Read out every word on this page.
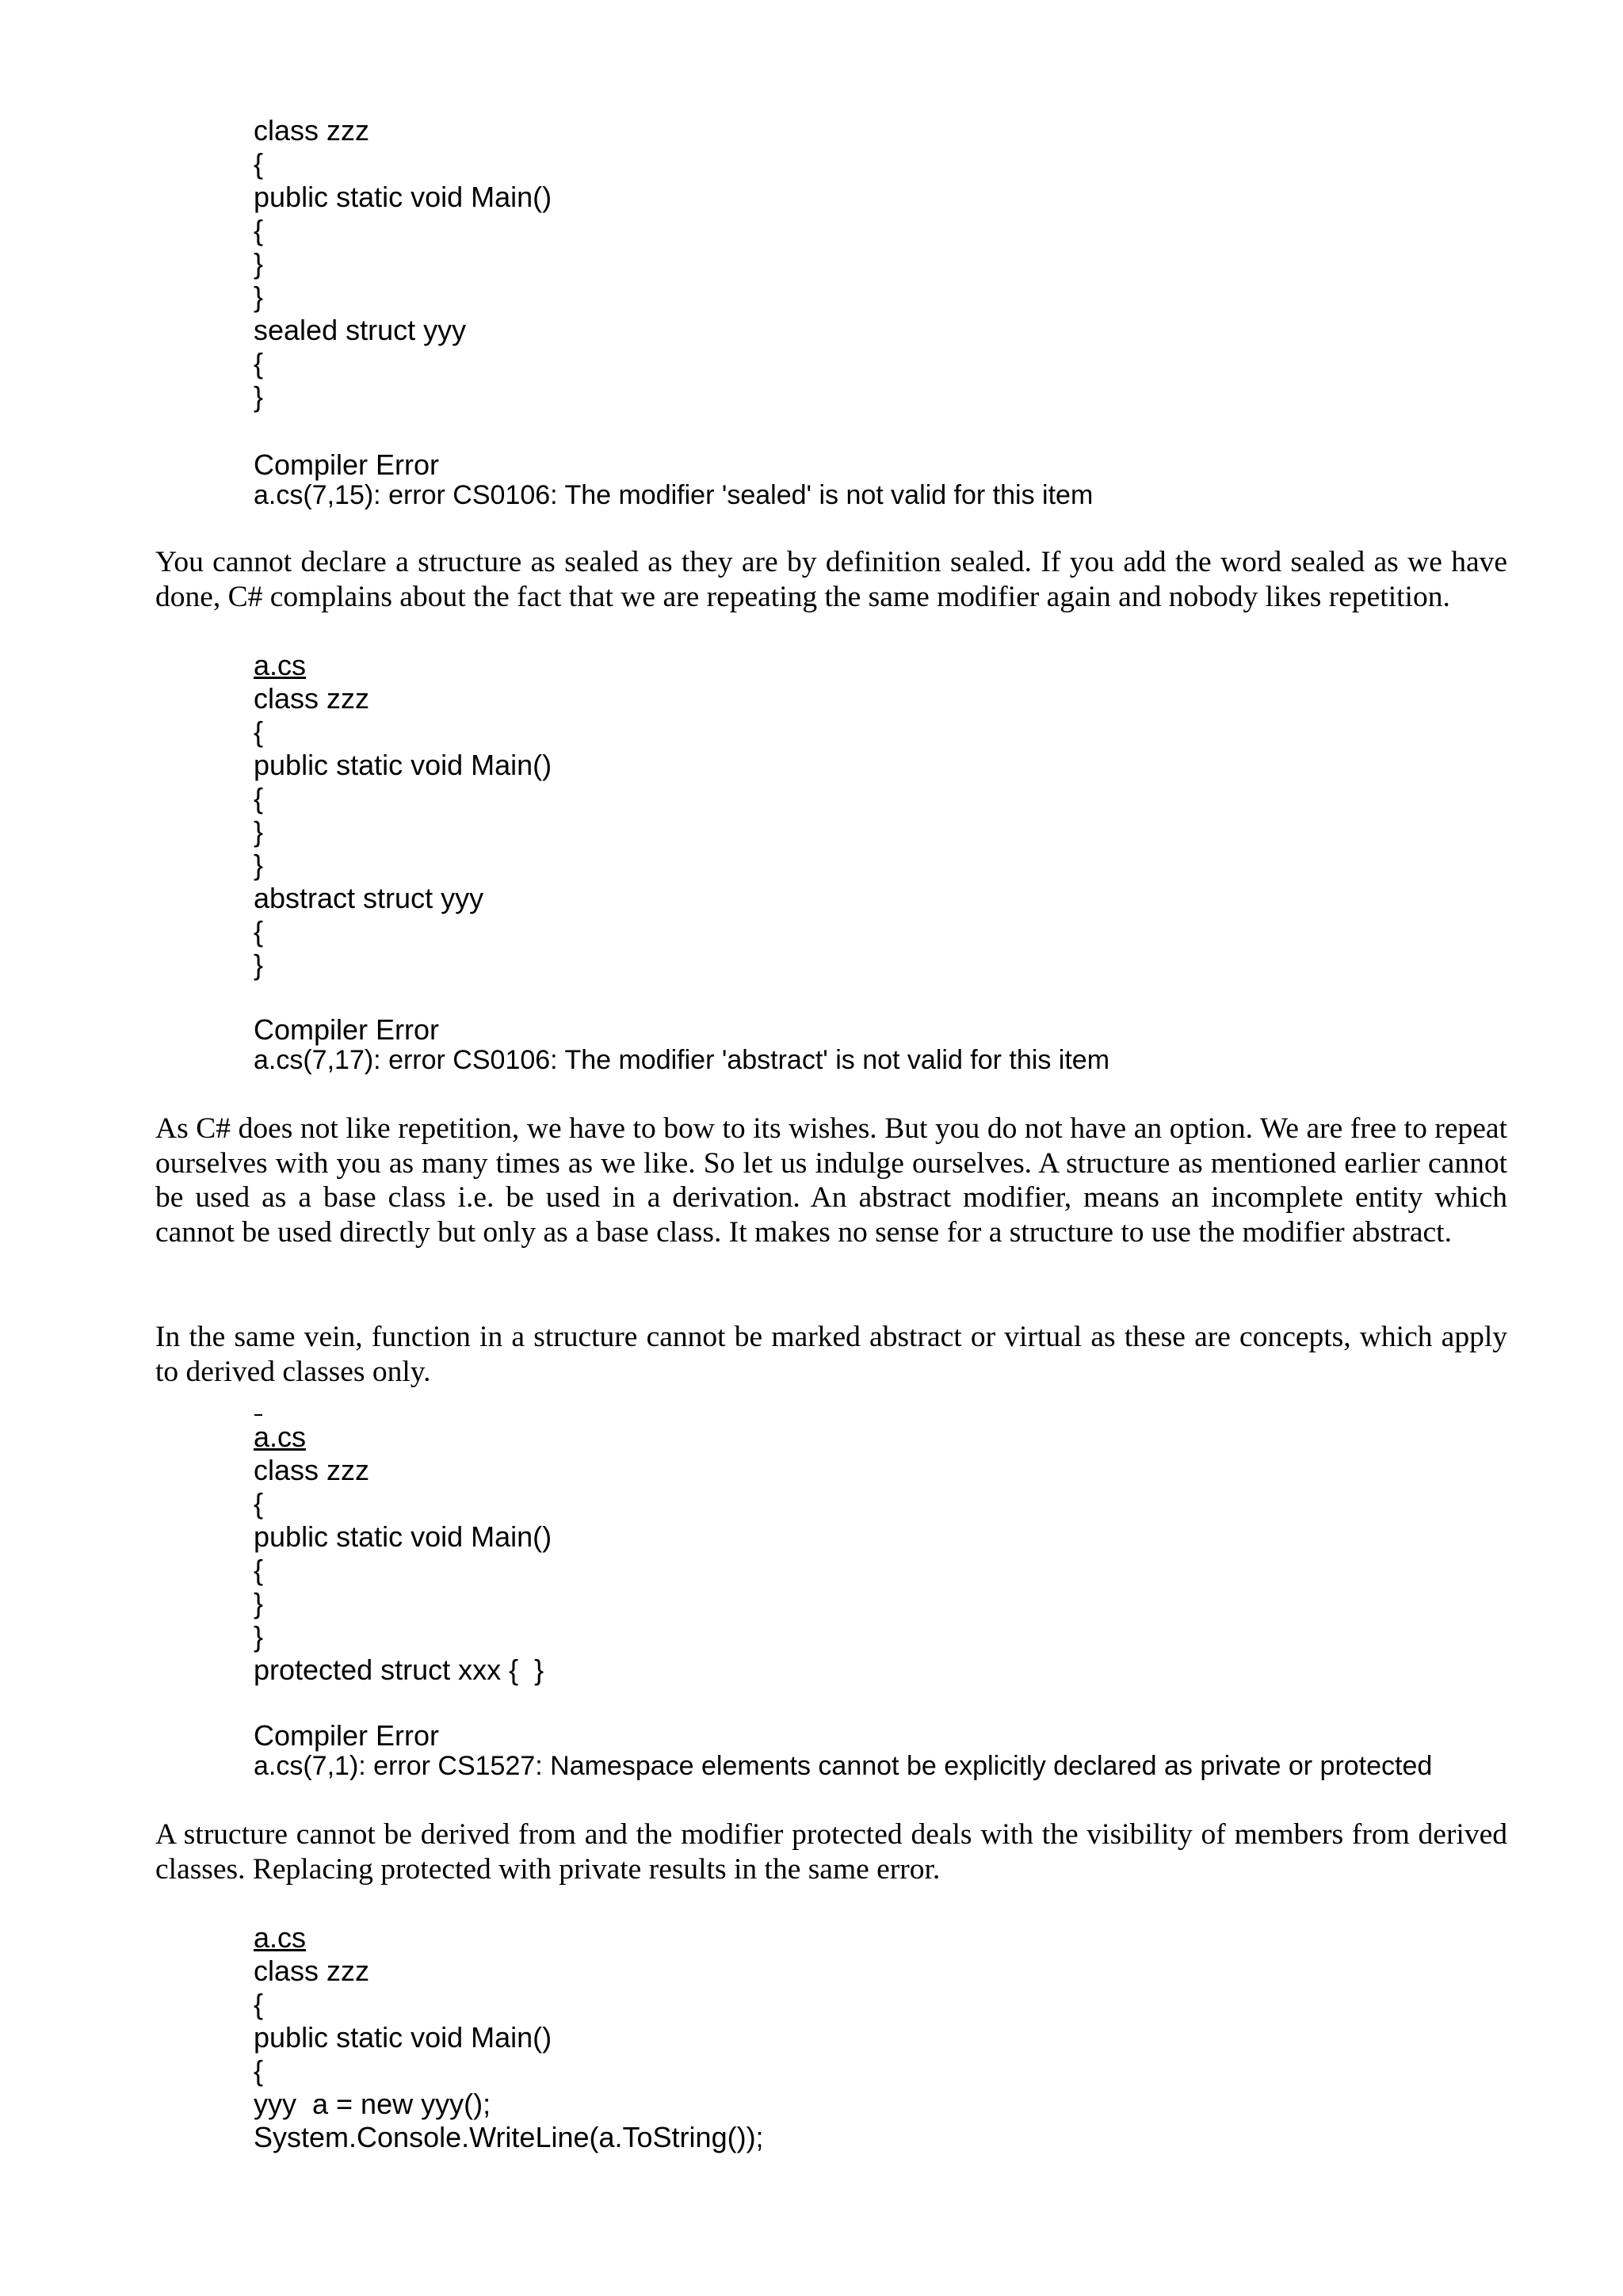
class zzz
{
public static void Main()
{
}
}
sealed struct yyy
{
}
Compiler Error
a.cs(7,15): error CS0106: The modifier 'sealed' is not valid for this item

You cannot declare a structure as sealed as they are by definition sealed. If you add the word sealed as we have done, C# complains about the fact that we are repeating the same modifier again and nobody likes repetition.

a.cs
class zzz
{
public static void Main()
{
}
}
abstract struct yyy
{
}
Compiler Error
a.cs(7,17): error CS0106: The modifier 'abstract' is not valid for this item

As C# does not like repetition, we have to bow to its wishes. But you do not have an option. We are free to repeat ourselves with you as many times as we like. So let us indulge ourselves. A structure as mentioned earlier cannot be used as a base class i.e. be used in a derivation. An abstract modifier, means an incomplete entity which cannot be used directly but only as a base class. It makes no sense for a structure to use the modifier abstract.

In the same vein, function in a structure cannot be marked abstract or virtual as these are concepts, which apply to derived classes only.

a.cs
class zzz
{
public static void Main()
{
}
}
protected struct xxx {  }
Compiler Error
a.cs(7,1): error CS1527: Namespace elements cannot be explicitly declared as private or protected

A structure cannot be derived from and the modifier protected deals with the visibility of members from derived classes. Replacing protected with private results in the same error.

a.cs
class zzz
{
public static void Main()
{
yyy  a = new yyy();
System.Console.WriteLine(a.ToString());
